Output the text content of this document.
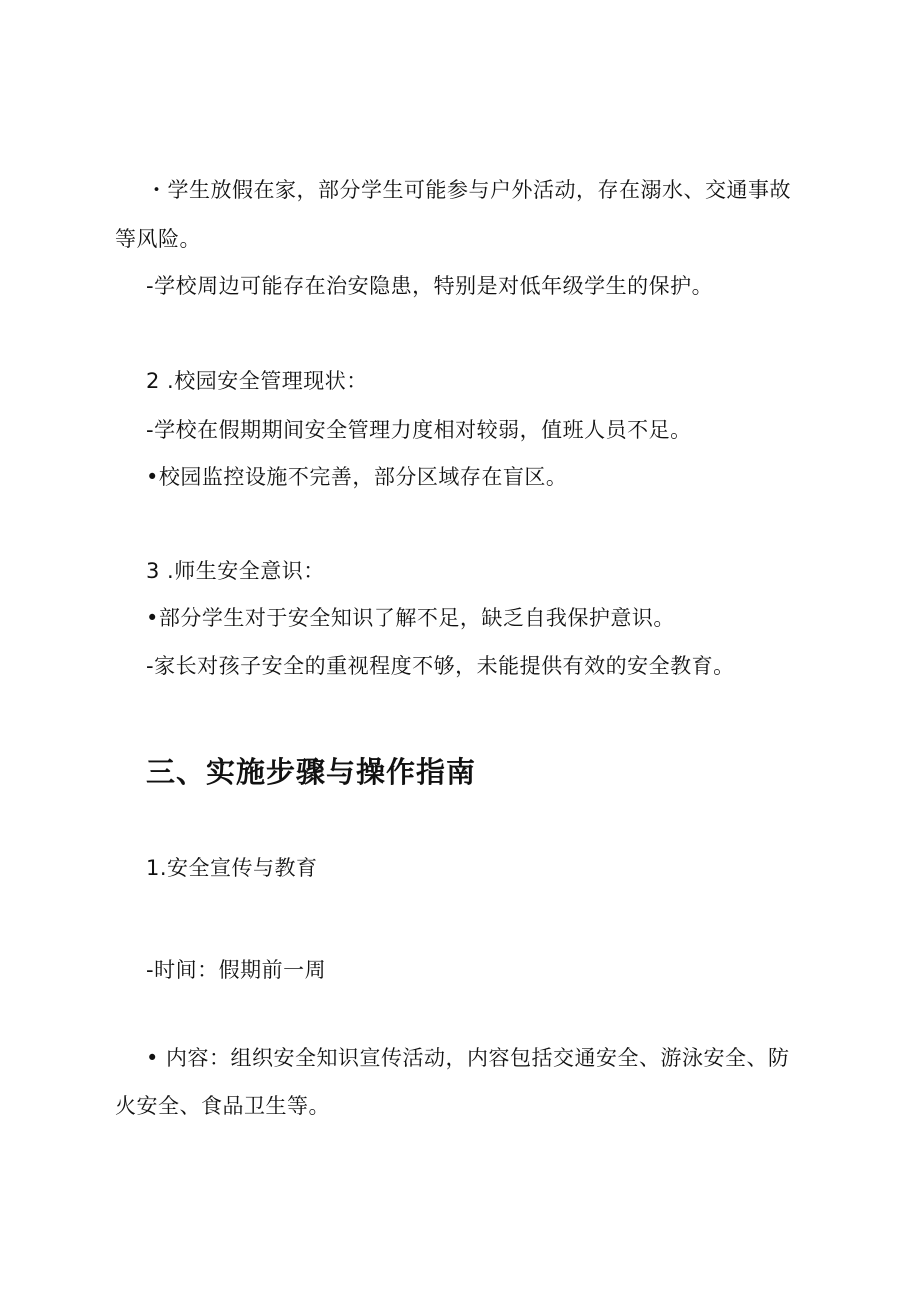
・学生放假在家，部分学生可能参与户外活动，存在溺水、交通事故
等风险。
-学校周边可能存在治安隐患，特别是对低年级学生的保护。
2 .校园安全管理现状：
-学校在假期期间安全管理力度相对较弱，值班人员不足。
•校园监控设施不完善，部分区域存在盲区。
3 .师生安全意识：
•部分学生对于安全知识了解不足，缺乏自我保护意识。
-家长对孩子安全的重视程度不够，未能提供有效的安全教育。
三、实施步骤与操作指南
1.安全宣传与教育
-时间：假期前一周
• 内容：组织安全知识宣传活动，内容包括交通安全、游泳安全、防
火安全、食品卫生等。
